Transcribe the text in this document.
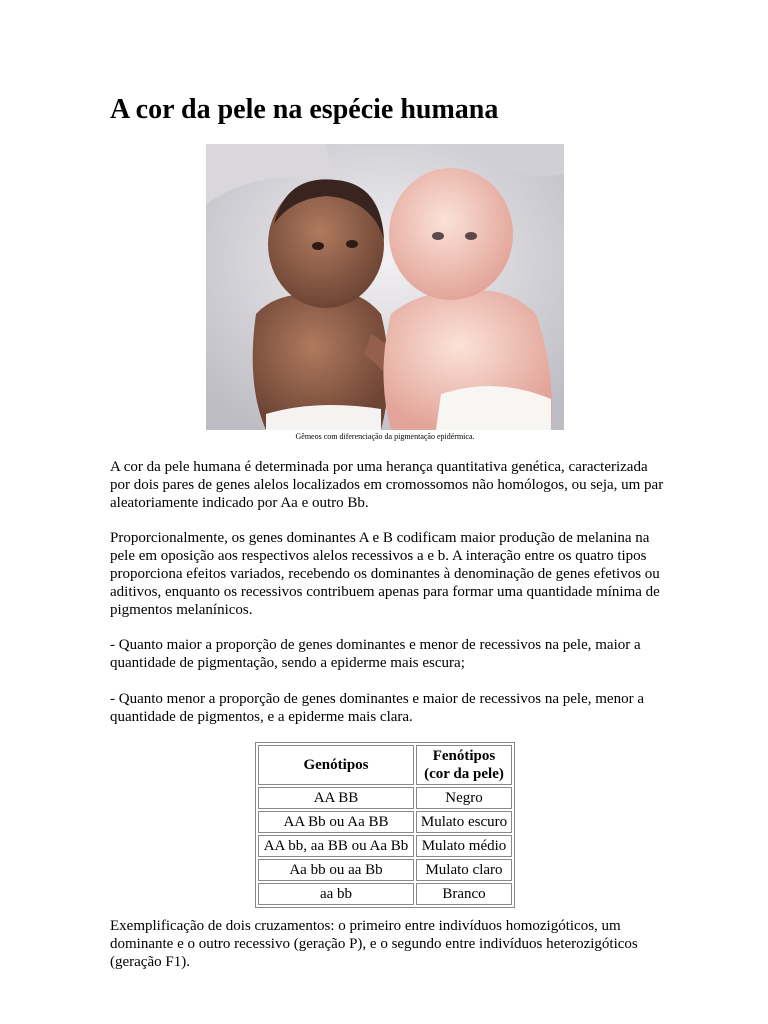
A cor da pele na espécie humana
Gêmeos com diferenciação da pigmentação epidérmica.

A cor da pele humana é determinada por uma herança quantitativa genética, caracterizada por dois pares de genes alelos localizados em cromossomos não homólogos, ou seja, um par aleatoriamente indicado por Aa e outro Bb.

Proporcionalmente, os genes dominantes A e B codificam maior produção de melanina na pele em oposição aos respectivos alelos recessivos a e b. A interação entre os quatro tipos proporciona efeitos variados, recebendo os dominantes à denominação de genes efetivos ou aditivos, enquanto os recessivos contribuem apenas para formar uma quantidade mínima de pigmentos melanínicos.

- Quanto maior a proporção de genes dominantes e menor de recessivos na pele, maior a quantidade de pigmentação, sendo a epiderme mais escura;

- Quanto menor a proporção de genes dominantes e maior de recessivos na pele, menor a quantidade de pigmentos, e a epiderme mais clara.

Genótipos	Fenótipos
(cor da pele)
AA BB	Negro
AA Bb ou Aa BB	Mulato escuro
AA bb, aa BB ou Aa Bb	Mulato médio
Aa bb ou aa Bb	Mulato claro
aa bb	Branco

Exemplificação de dois cruzamentos: o primeiro entre indivíduos homozigóticos, um dominante e o outro recessivo (geração P), e o segundo entre indivíduos heterozigóticos (geração F1).
